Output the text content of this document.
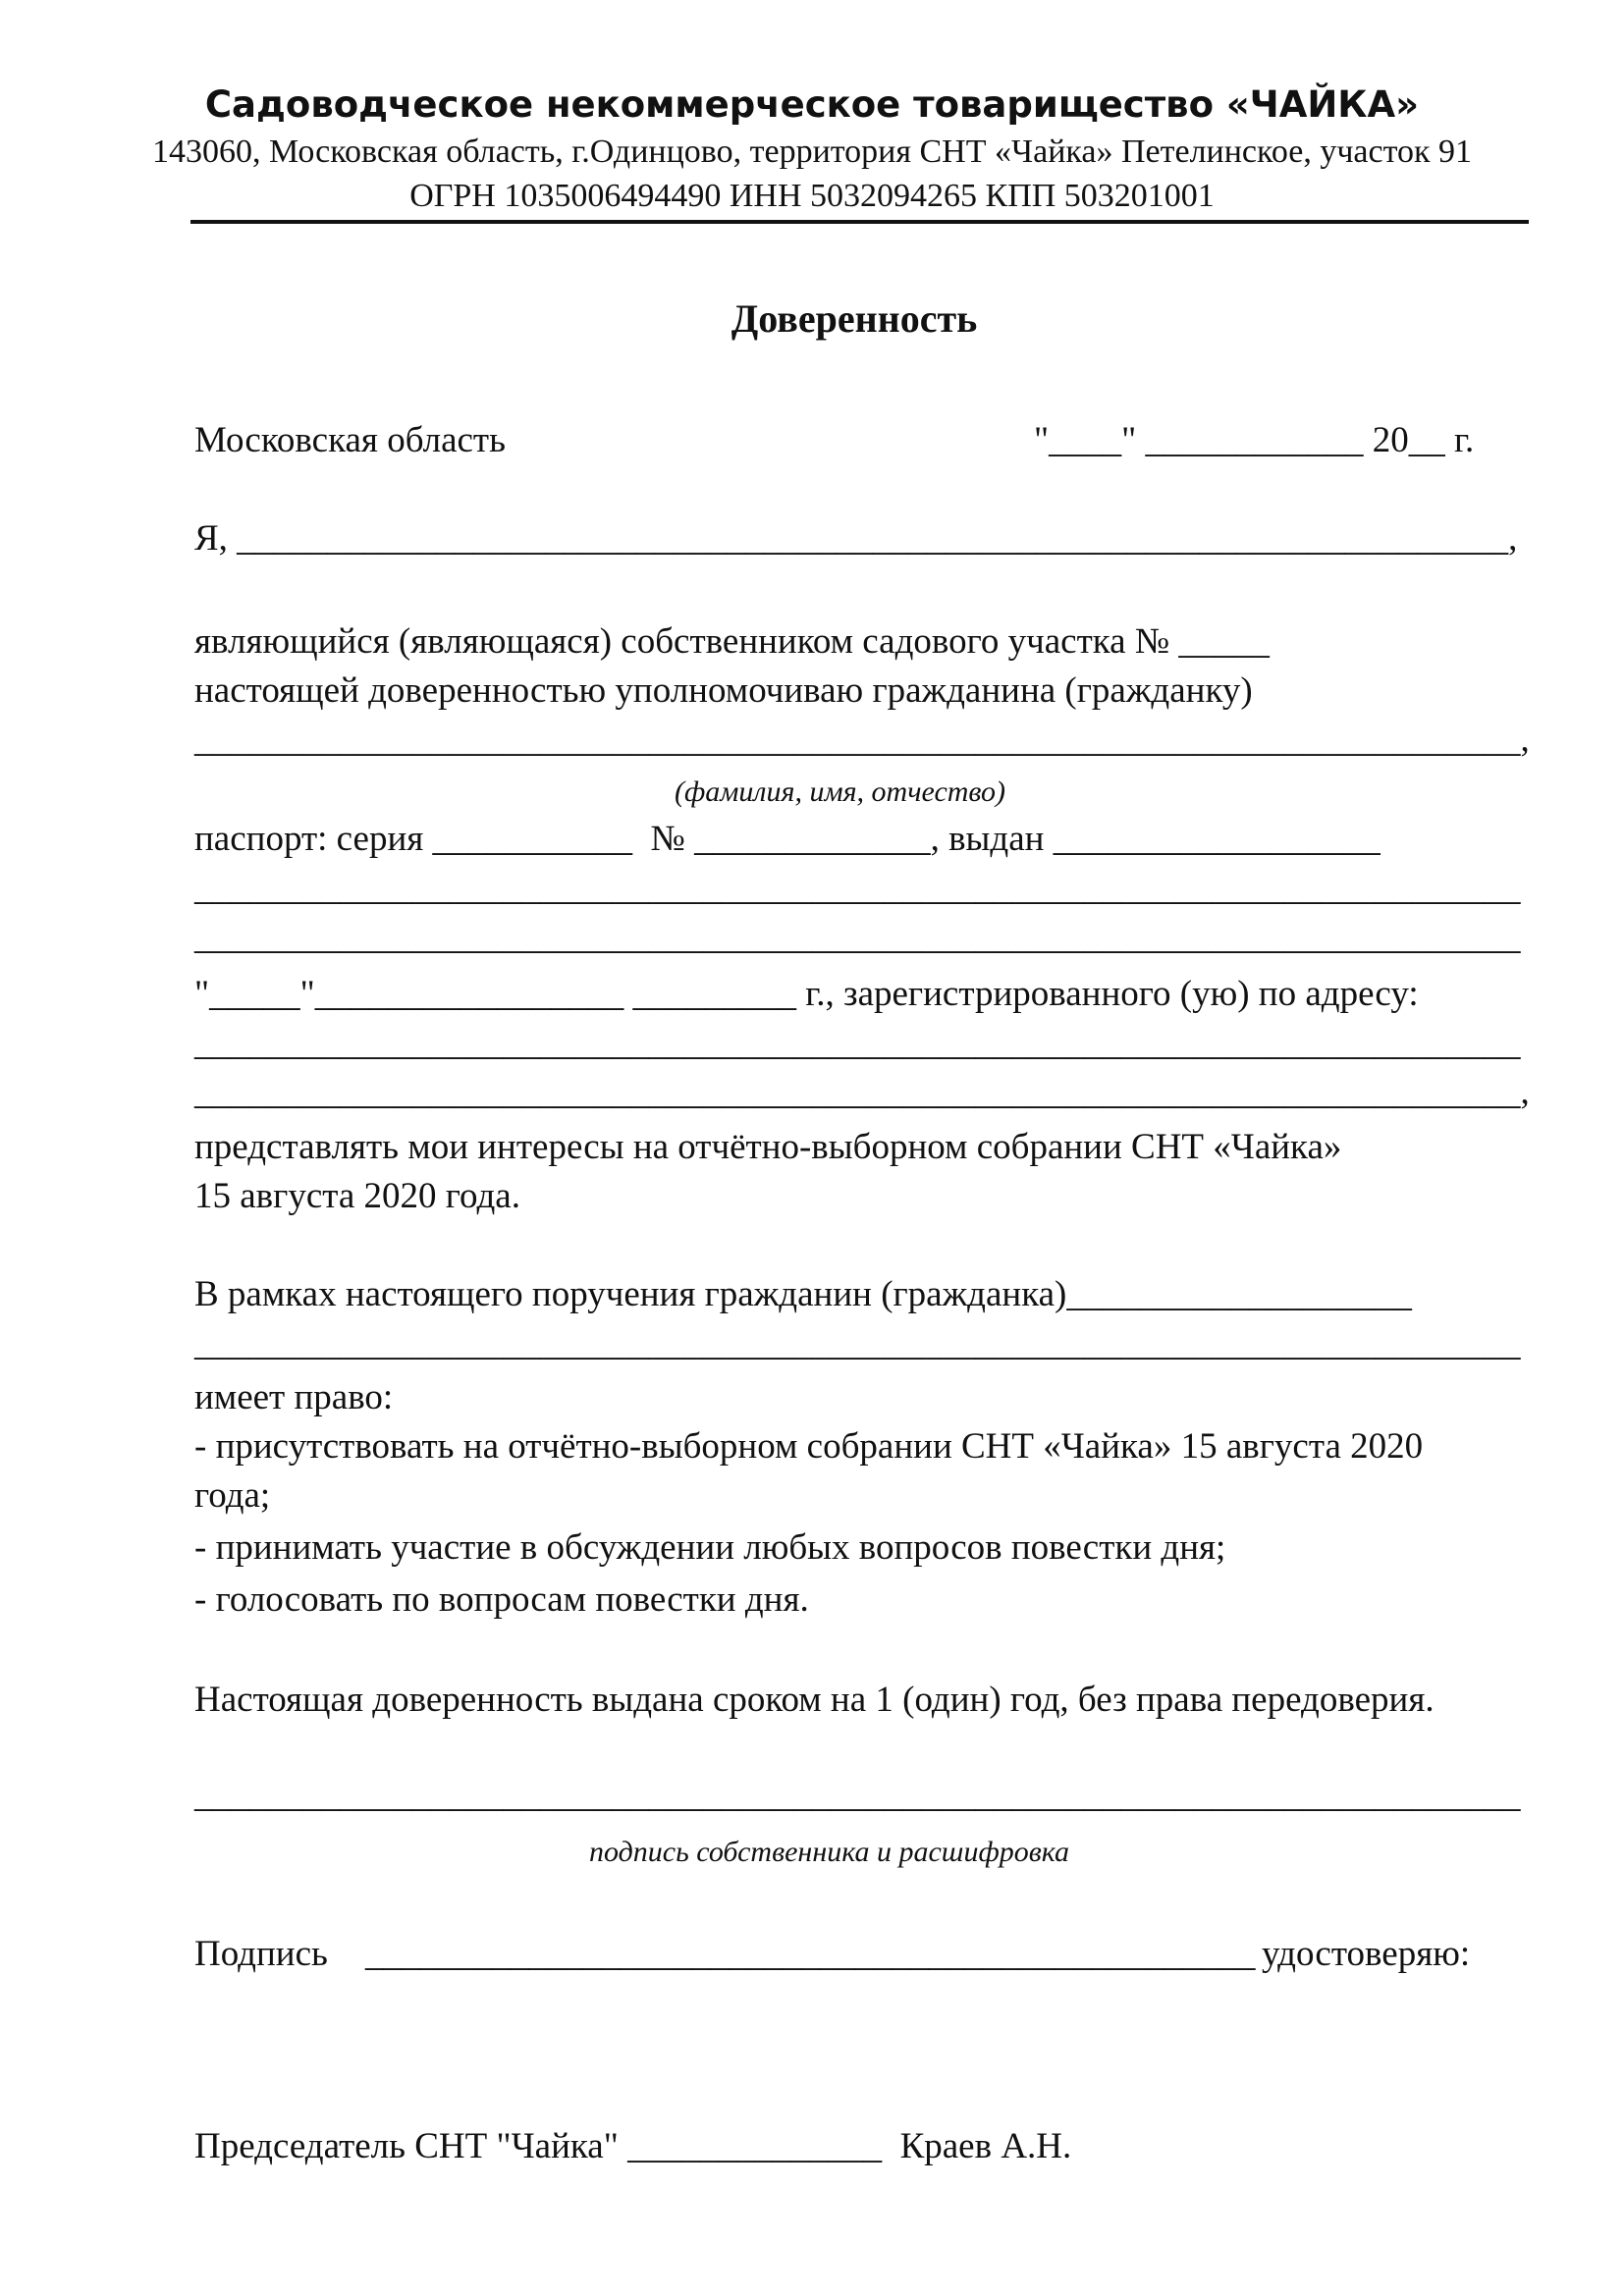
Садоводческое некоммерческое товарищество «ЧАЙКА»
143060, Московская область, г.Одинцово, территория СНТ «Чайка» Петелинское, участок 91
ОГРН 1035006494490 ИНН 5032094265 КПП 503201001
Доверенность
Московская область	"____" ____________ 20__ г.
Я, ______________________________________________________________________,
являющийся (являющаяся) собственником садового участка № _____
настоящей доверенностью уполномочиваю гражданина (гражданку)
_________________________________________________________________________,
(фамилия, имя, отчество)
паспорт: серия ___________  № _____________, выдан __________________
_________________________________________________________________________
_________________________________________________________________________
"_____"_________________ _________ г., зарегистрированного (ую) по адресу:
_________________________________________________________________________
_________________________________________________________________________,
представлять мои интересы на отчётно-выборном собрании СНТ «Чайка»
15 августа 2020 года.
В рамках настоящего поручения гражданин (гражданка)___________________
_________________________________________________________________________
имеет право:
- присутствовать на отчётно-выборном собрании СНТ «Чайка» 15 августа 2020
года;
- принимать участие в обсуждении любых вопросов повестки дня;
- голосовать по вопросам повестки дня.
Настоящая доверенность выдана сроком на 1 (один) год, без права передоверия.
_________________________________________________________________________
подпись собственника и расшифровка
Подпись _________________________________________________ удостоверяю:
Председатель СНТ "Чайка" ______________  Краев А.Н.
